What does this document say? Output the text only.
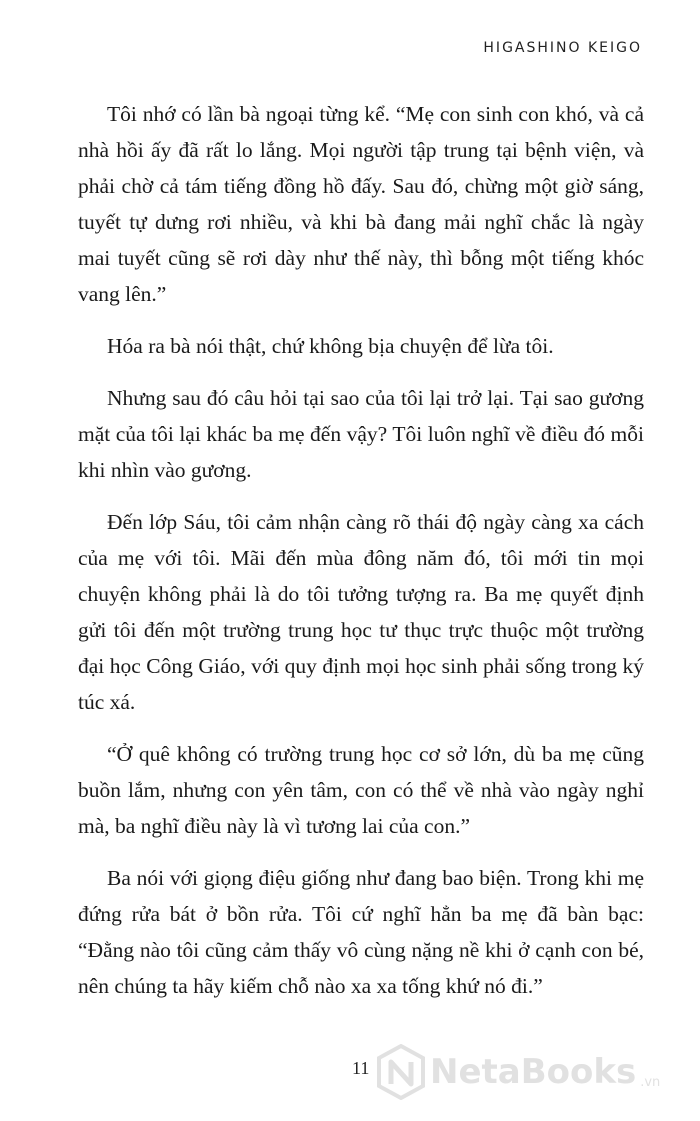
HIGASHINO KEIGO

Tôi nhớ có lần bà ngoại từng kể. “Mẹ con sinh con khó, và cả nhà hồi ấy đã rất lo lắng. Mọi người tập trung tại bệnh viện, và phải chờ cả tám tiếng đồng hồ đấy. Sau đó, chừng một giờ sáng, tuyết tự dưng rơi nhiều, và khi bà đang mải nghĩ chắc là ngày mai tuyết cũng sẽ rơi dày như thế này, thì bỗng một tiếng khóc vang lên.”

Hóa ra bà nói thật, chứ không bịa chuyện để lừa tôi.

Nhưng sau đó câu hỏi tại sao của tôi lại trở lại. Tại sao gương mặt của tôi lại khác ba mẹ đến vậy? Tôi luôn nghĩ về điều đó mỗi khi nhìn vào gương.

Đến lớp Sáu, tôi cảm nhận càng rõ thái độ ngày càng xa cách của mẹ với tôi. Mãi đến mùa đông năm đó, tôi mới tin mọi chuyện không phải là do tôi tưởng tượng ra. Ba mẹ quyết định gửi tôi đến một trường trung học tư thục trực thuộc một trường đại học Công Giáo, với quy định mọi học sinh phải sống trong ký túc xá.

“Ở quê không có trường trung học cơ sở lớn, dù ba mẹ cũng buồn lắm, nhưng con yên tâm, con có thể về nhà vào ngày nghỉ mà, ba nghĩ điều này là vì tương lai của con.”

Ba nói với giọng điệu giống như đang bao biện. Trong khi mẹ đứng rửa bát ở bồn rửa. Tôi cứ nghĩ hẳn ba mẹ đã bàn bạc: “Đằng nào tôi cũng cảm thấy vô cùng nặng nề khi ở cạnh con bé, nên chúng ta hãy kiếm chỗ nào xa xa tống khứ nó đi.”

11 NetaBooks .vn
